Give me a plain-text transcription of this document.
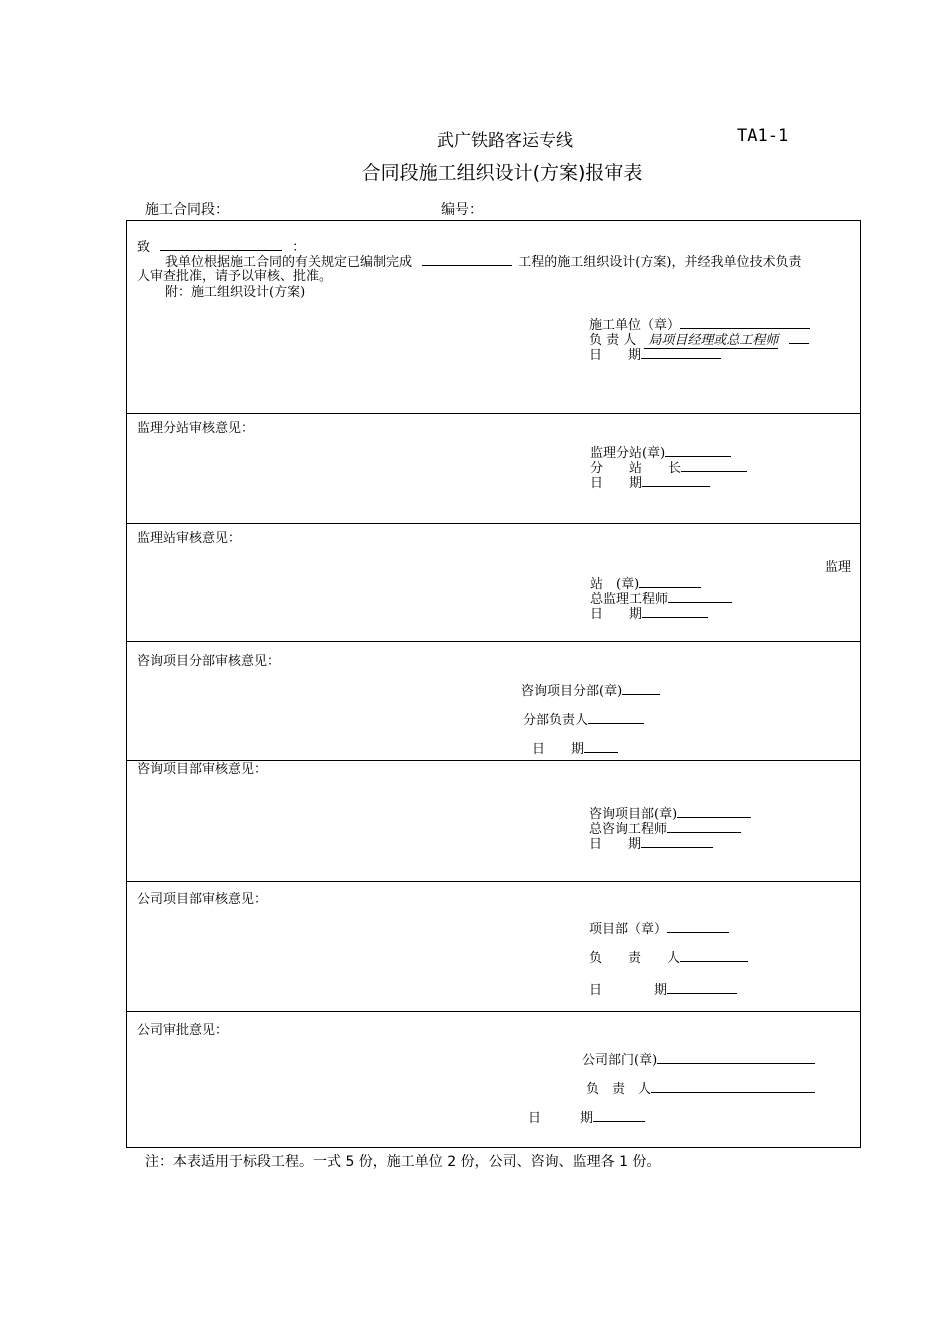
武广铁路客运专线	TA1-1
合同段施工组织设计(方案)报审表
施工合同段：	编号：
致	：
我单位根据施工合同的有关规定已编制完成	工程的施工组织设计(方案)，并经我单位技术负责
人审查批准，请予以审核、批准。
附：施工组织设计(方案)
施工单位（章）
负 责 人 局项目经理或总工程师
日　　期
监理分站审核意见：
监理分站(章)
分　　站　　长
日　　期
监理站审核意见：
监理
站　(章)
总监理工程师
日　　期
咨询项目分部审核意见：
咨询项目分部(章)
分部负责人
日　　期
咨询项目部审核意见：
咨询项目部(章)
总咨询工程师
日　　期
公司项目部审核意见：
项目部（章）
负　　责　　人
日　　　　期
公司审批意见：
公司部门(章)
负　责　人
日　　　期
注：本表适用于标段工程。一式 5 份，施工单位 2 份，公司、咨询、监理各 1 份。
